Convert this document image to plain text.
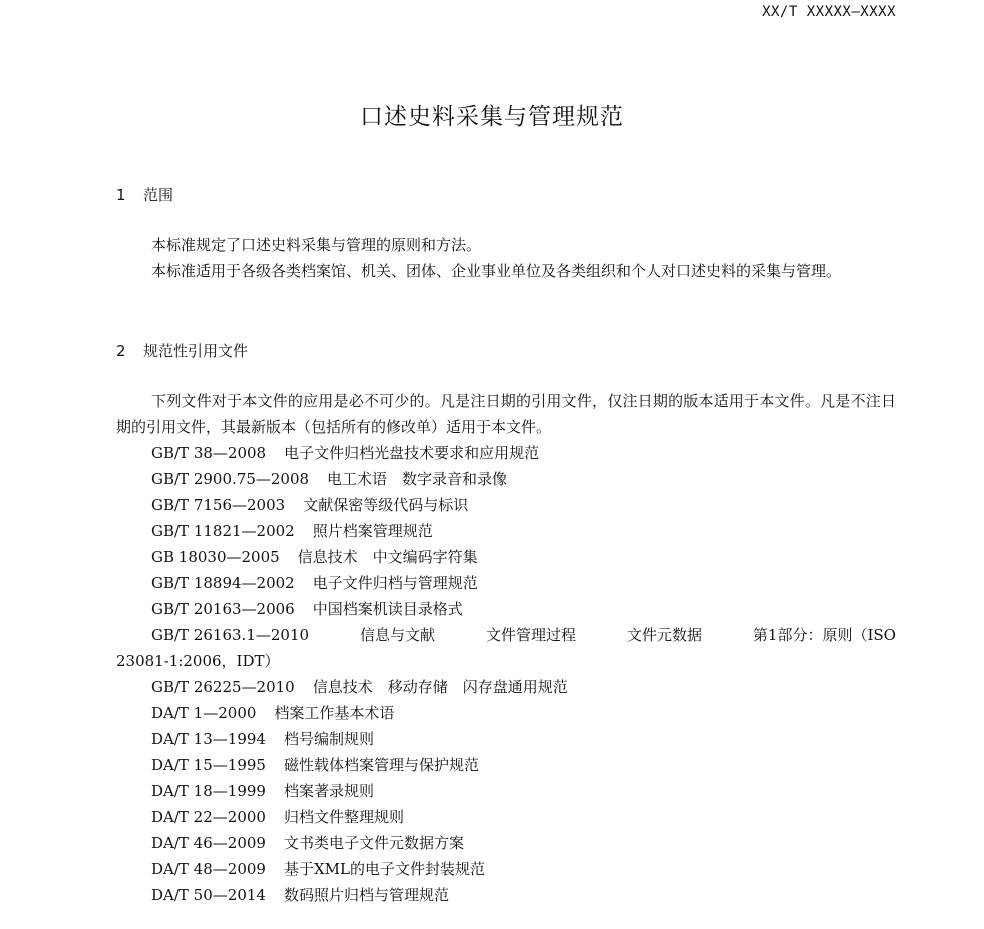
XX/T XXXXX—XXXX
口述史料采集与管理规范
1 范围

本标准规定了口述史料采集与管理的原则和方法。

本标准适用于各级各类档案馆、机关、团体、企业事业单位及各类组织和个人对口述史料的采集与管理。

2 规范性引用文件

下列文件对于本文件的应用是必不可少的。凡是注日期的引用文件，仅注日期的版本适用于本文件。凡是不注日期的引用文件，其最新版本（包括所有的修改单）适用于本文件。

GB/T 38—2008 电子文件归档光盘技术要求和应用规范
GB/T 2900.75—2008 电工术语　数字录音和录像
GB/T 7156—2003 文献保密等级代码与标识
GB/T 11821—2002 照片档案管理规范
GB 18030—2005 信息技术　中文编码字符集
GB/T 18894—2002 电子文件归档与管理规范
GB/T 20163—2006 中国档案机读目录格式
GB/T 26163.1—2010	信息与文献	文件管理过程	文件元数据	第1部分：原则（ISO
23081-1:2006，IDT）
GB/T 26225—2010 信息技术　移动存储　闪存盘通用规范
DA/T 1—2000 档案工作基本术语
DA/T 13—1994 档号编制规则
DA/T 15—1995 磁性载体档案管理与保护规范
DA/T 18—1999 档案著录规则
DA/T 22—2000 归档文件整理规则
DA/T 46—2009 文书类电子文件元数据方案
DA/T 48—2009 基于XML的电子文件封装规范
DA/T 50—2014 数码照片归档与管理规范
